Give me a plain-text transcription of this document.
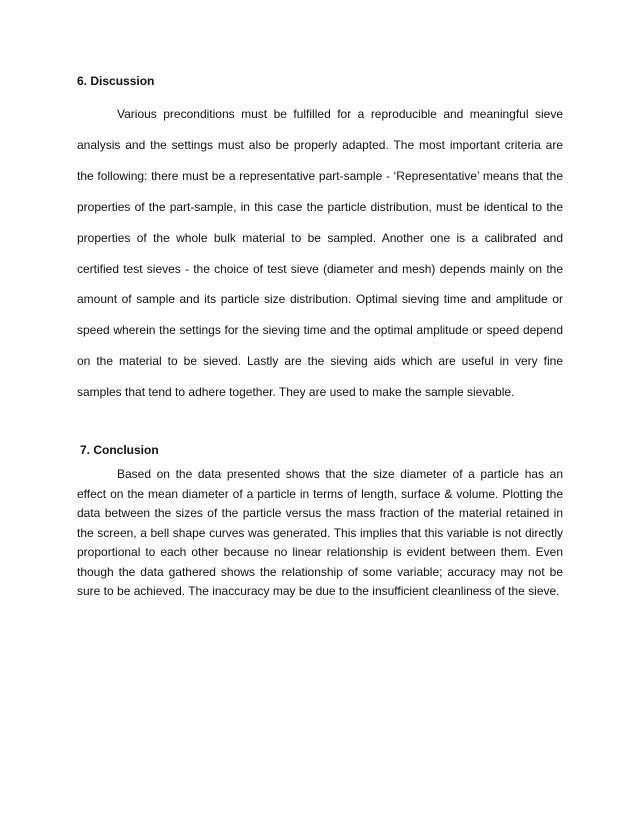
6. Discussion

Various preconditions must be fulfilled for a reproducible and meaningful sieve analysis and the settings must also be properly adapted. The most important criteria are the following: there must be a representative part-sample - ‘Representative’ means that the properties of the part-sample, in this case the particle distribution, must be identical to the properties of the whole bulk material to be sampled. Another one is a calibrated and certified test sieves - the choice of test sieve (diameter and mesh) depends mainly on the amount of sample and its particle size distribution. Optimal sieving time and amplitude or speed wherein the settings for the sieving time and the optimal amplitude or speed depend on the material to be sieved. Lastly are the sieving aids which are useful in very fine samples that tend to adhere together. They are used to make the sample sievable.

7. Conclusion

Based on the data presented shows that the size diameter of a particle has an effect on the mean diameter of a particle in terms of length, surface & volume. Plotting the data between the sizes of the particle versus the mass fraction of the material retained in the screen, a bell shape curves was generated. This implies that this variable is not directly proportional to each other because no linear relationship is evident between them. Even though the data gathered shows the relationship of some variable; accuracy may not be sure to be achieved. The inaccuracy may be due to the insufficient cleanliness of the sieve.
